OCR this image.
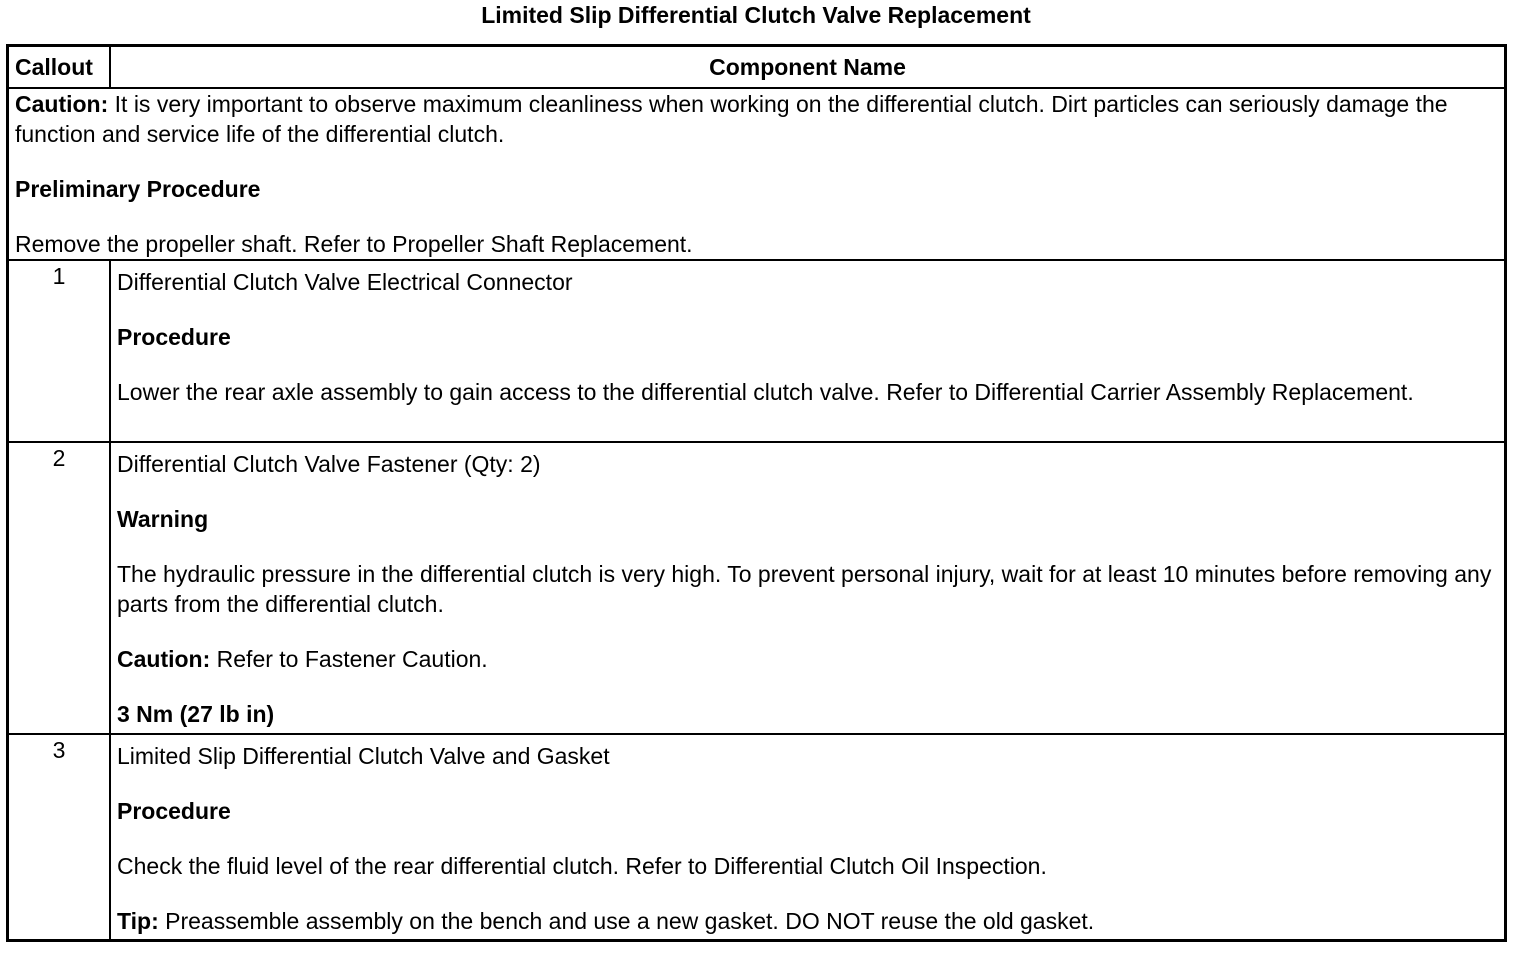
Limited Slip Differential Clutch Valve Replacement
Callout	Component Name

Caution: It is very important to observe maximum cleanliness when working on the differential clutch. Dirt particles can seriously damage the function and service life of the differential clutch.

Preliminary Procedure

Remove the propeller shaft. Refer to Propeller Shaft Replacement.	

1	Differential Clutch Valve Electrical Connector

Procedure

Lower the rear axle assembly to gain access to the differential clutch valve. Refer to Differential Carrier Assembly Replacement.

2	Differential Clutch Valve Fastener (Qty: 2)

Warning

The hydraulic pressure in the differential clutch is very high. To prevent personal injury, wait for at least 10 minutes before removing any parts from the differential clutch.

Caution: Refer to Fastener Caution.

3 Nm (27 lb in)

3	Limited Slip Differential Clutch Valve and Gasket

Procedure

Check the fluid level of the rear differential clutch. Refer to Differential Clutch Oil Inspection.

Tip: Preassemble assembly on the bench and use a new gasket. DO NOT reuse the old gasket.
